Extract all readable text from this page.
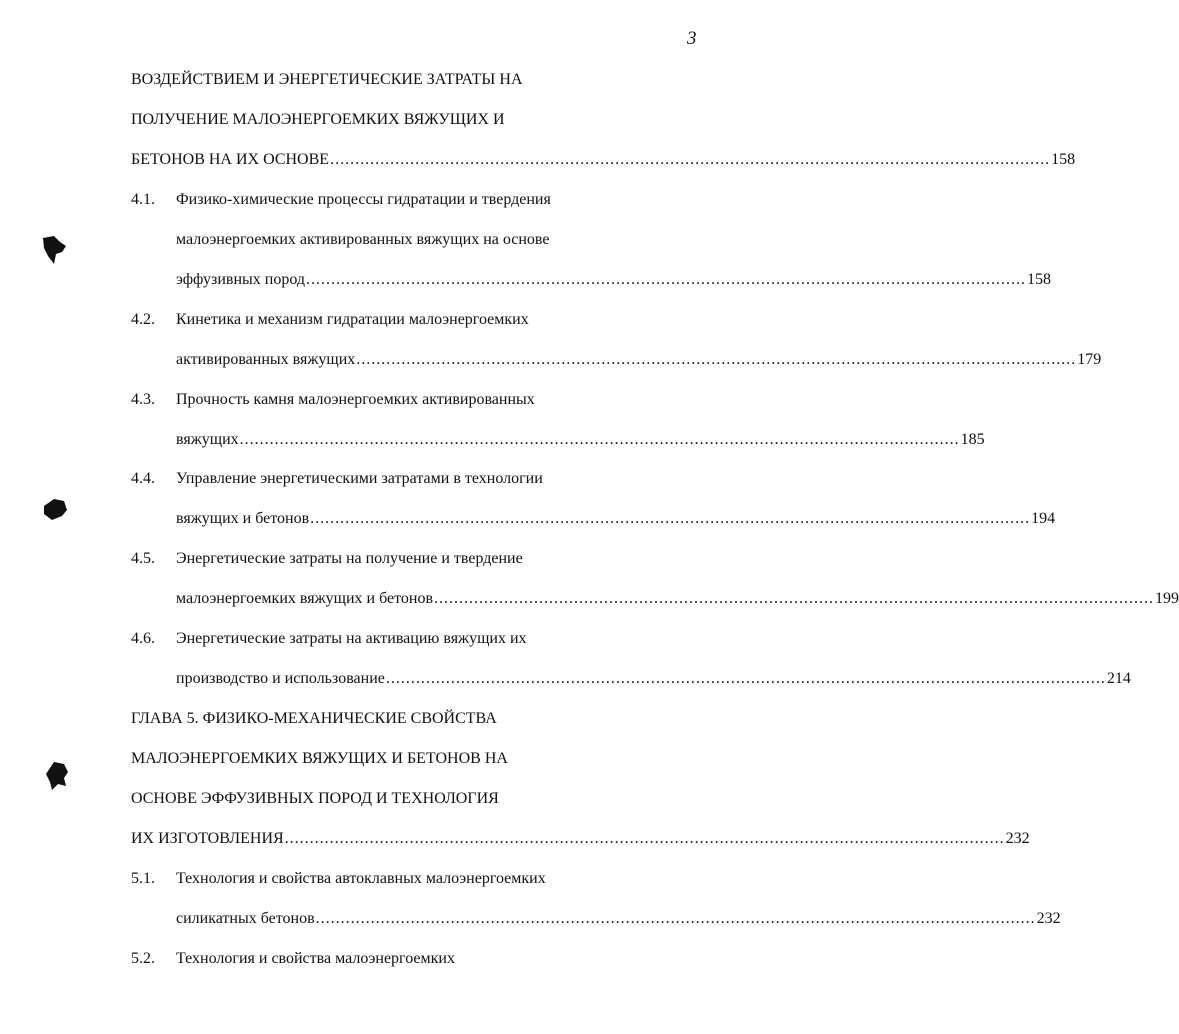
3
ВОЗДЕЙСТВИЕМ И ЭНЕРГЕТИЧЕСКИЕ ЗАТРАТЫ НА
ПОЛУЧЕНИЕ МАЛОЭНЕРГОЕМКИХ ВЯЖУЩИХ И
БЕТОНОВ НА ИХ ОСНОВЕ ................................................................................................................................................ 158
4.1. Физико-химические процессы гидратации и твердения
малоэнергоемких активированных вяжущих на основе
эффузивных пород ................................................................................................................................................ 158
4.2. Кинетика и механизм гидратации малоэнергоемких
активированных вяжущих ................................................................................................................................................ 179
4.3. Прочность камня малоэнергоемких активированных
вяжущих ................................................................................................................................................ 185
4.4. Управление энергетическими затратами в технологии
вяжущих и бетонов ................................................................................................................................................ 194
4.5. Энергетические затраты на получение и твердение
малоэнергоемких вяжущих и бетонов ................................................................................................................................................ 199
4.6. Энергетические затраты на активацию вяжущих их
производство и использование ................................................................................................................................................ 214
ГЛАВА 5. ФИЗИКО-МЕХАНИЧЕСКИЕ СВОЙСТВА
МАЛОЭНЕРГОЕМКИХ ВЯЖУЩИХ И БЕТОНОВ НА
ОСНОВЕ ЭФФУЗИВНЫХ ПОРОД И ТЕХНОЛОГИЯ
ИХ ИЗГОТОВЛЕНИЯ ................................................................................................................................................ 232
5.1. Технология и свойства автоклавных малоэнергоемких
силикатных бетонов ................................................................................................................................................ 232
5.2. Технология и свойства малоэнергоемких
